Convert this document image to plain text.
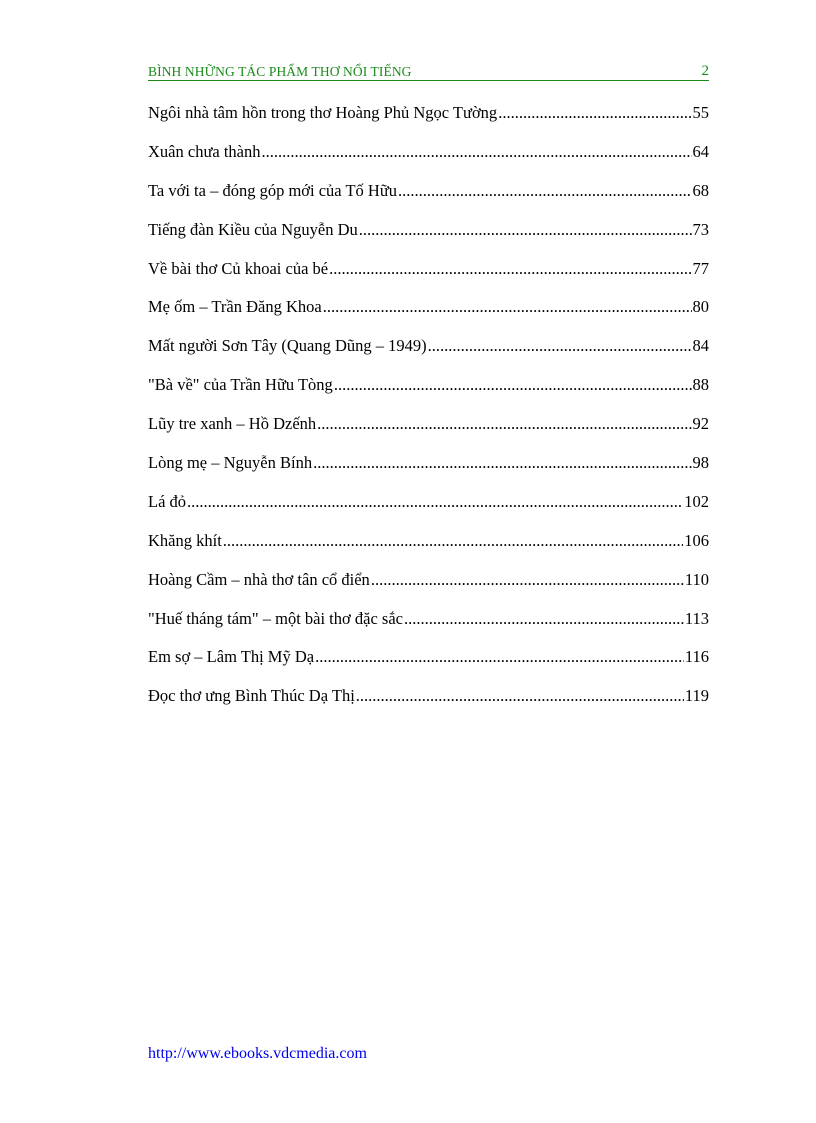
BÌNH NHỮNG TÁC PHẨM THƠ NỔI TIẾNG	2
Ngôi nhà tâm hồn trong thơ Hoàng Phủ Ngọc Tường .....	55
Xuân chưa thành .....	64
Ta với ta – đóng góp mới của Tố Hữu .....	68
Tiếng đàn Kiều của Nguyễn Du .....	73
Về bài thơ Củ khoai của bé .....	77
Mẹ ốm – Trần Đăng Khoa .....	80
Mất người Sơn Tây (Quang Dũng – 1949) .....	84
"Bà về" của Trần Hữu Tòng .....	88
Lũy tre xanh – Hồ Dzếnh .....	92
Lòng mẹ – Nguyễn Bính .....	98
Lá đỏ .....	102
Khăng khít .....	106
Hoàng Cầm – nhà thơ tân cổ điển .....	110
"Huế tháng tám" – một bài thơ đặc sắc .....	113
Em sợ – Lâm Thị Mỹ Dạ .....	116
Đọc thơ ưng Bình Thúc Dạ Thị .....	119
http://www.ebooks.vdcmedia.com
